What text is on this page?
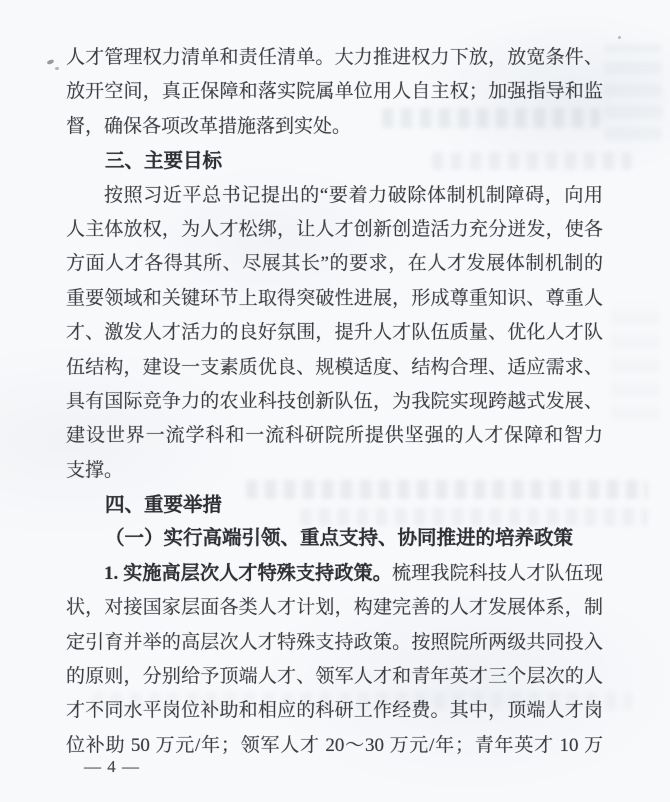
人才管理权力清单和责任清单。大力推进权力下放，放宽条件、
放开空间，真正保障和落实院属单位用人自主权；加强指导和监
督，确保各项改革措施落到实处。
三、主要目标
按照习近平总书记提出的“要着力破除体制机制障碍，向用
人主体放权，为人才松绑，让人才创新创造活力充分迸发，使各
方面人才各得其所、尽展其长”的要求，在人才发展体制机制的
重要领域和关键环节上取得突破性进展，形成尊重知识、尊重人
才、激发人才活力的良好氛围，提升人才队伍质量、优化人才队
伍结构，建设一支素质优良、规模适度、结构合理、适应需求、
具有国际竞争力的农业科技创新队伍，为我院实现跨越式发展、
建设世界一流学科和一流科研院所提供坚强的人才保障和智力
支撑。
四、重要举措
（一）实行高端引领、重点支持、协同推进的培养政策
1. 实施高层次人才特殊支持政策。梳理我院科技人才队伍现
状，对接国家层面各类人才计划，构建完善的人才发展体系，制
定引育并举的高层次人才特殊支持政策。按照院所两级共同投入
的原则，分别给予顶端人才、领军人才和青年英才三个层次的人
才不同水平岗位补助和相应的科研工作经费。其中，顶端人才岗
位补助 50 万元/年；领军人才 20～30 万元/年；青年英才 10 万
— 4 —
